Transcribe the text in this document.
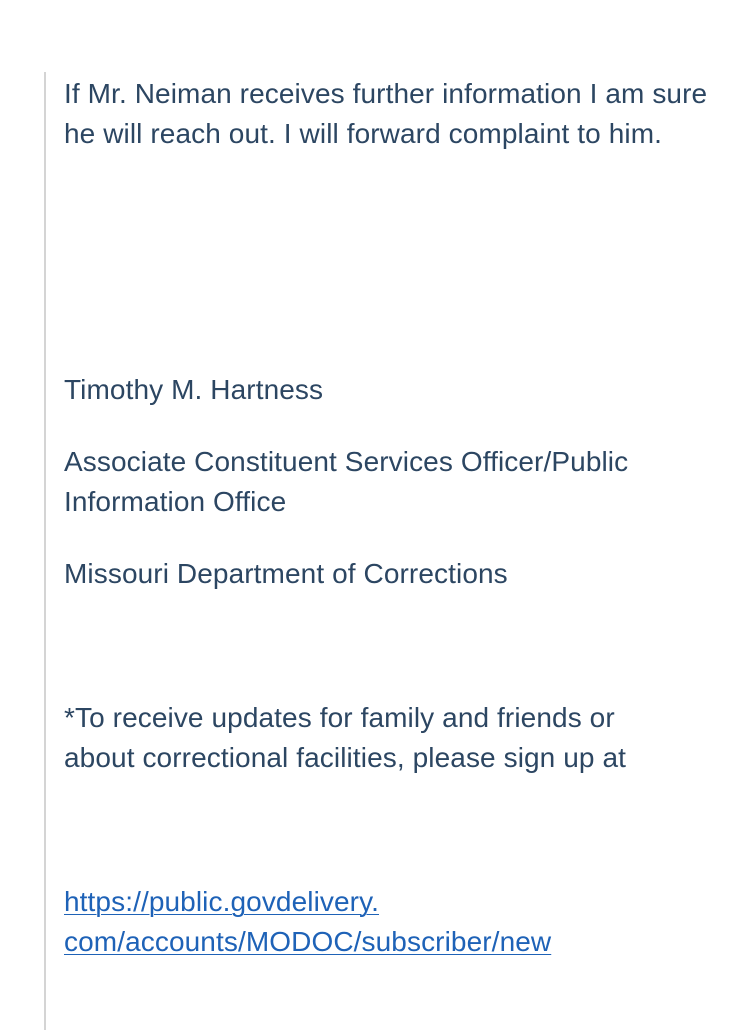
If Mr. Neiman receives further information I am sure he will reach out. I will forward complaint to him.

Timothy M. Hartness

Associate Constituent Services Officer/Public
Information Office

Missouri Department of Corrections

*To receive updates for family and friends or
about correctional facilities, please sign up at

https://public.govdelivery.
com/accounts/MODOC/subscriber/new
